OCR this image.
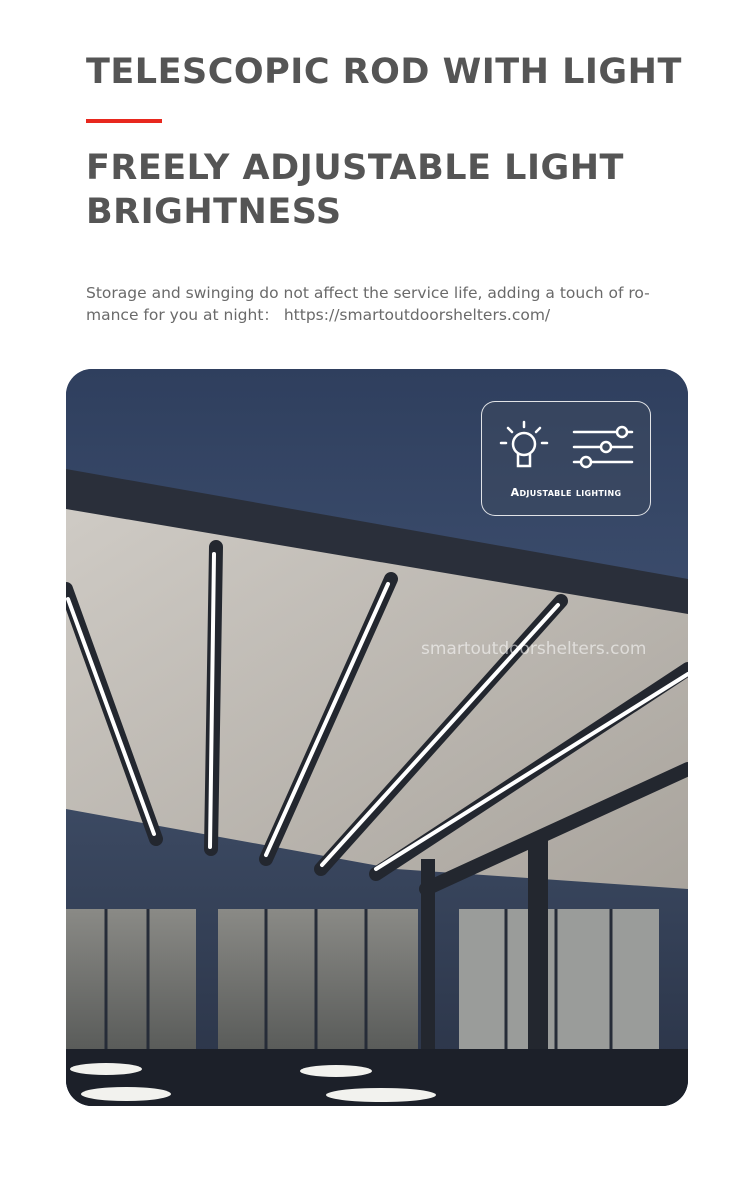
TELESCOPIC ROD WITH LIGHT
FREELY ADJUSTABLE LIGHT BRIGHTNESS

Storage and swinging do not affect the service life, adding a touch of ro-mance for you at night： https://smartoutdoorshelters.com/

Adjustable lighting
smartoutdoorshelters.com
